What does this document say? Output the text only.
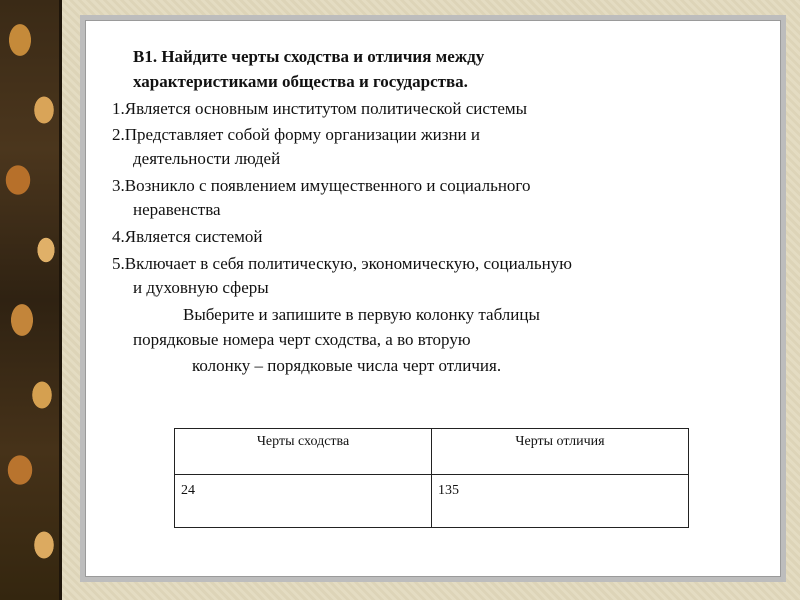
В1. Найдите черты сходства и отличия между
характеристиками общества и государства.
1.Является основным институтом политической системы
2.Представляет собой форму организации жизни и
деятельности людей
3.Возникло с появлением имущественного и социального
неравенства
4.Является системой
5.Включает в себя политическую, экономическую, социальную
и духовную сферы
Выберите и запишите в первую колонку таблицы
порядковые номера черт сходства, а во вторую
колонку – порядковые числа черт отличия.
Черты сходства	Черты отличия
24	135
